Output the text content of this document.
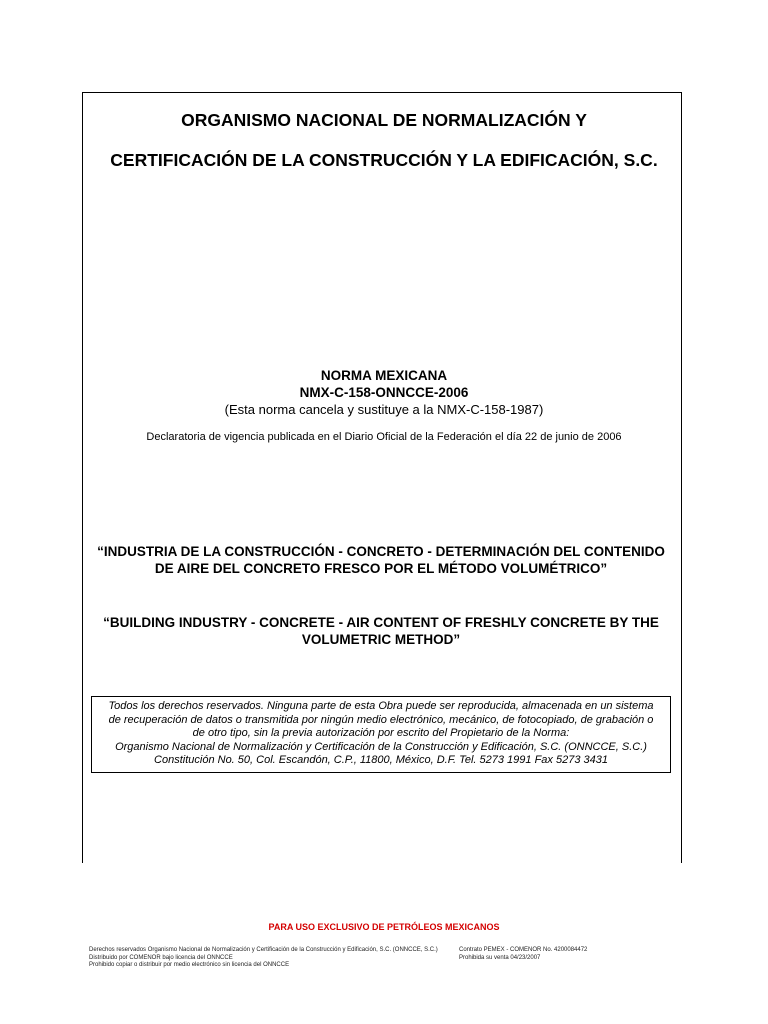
ORGANISMO NACIONAL DE NORMALIZACIÓN Y
CERTIFICACIÓN DE LA CONSTRUCCIÓN Y LA EDIFICACIÓN, S.C.
NORMA MEXICANA
NMX-C-158-ONNCCE-2006
(Esta norma cancela y sustituye a la NMX-C-158-1987)
Declaratoria de vigencia publicada en el Diario Oficial de la Federación el día 22 de junio de 2006
“INDUSTRIA DE LA CONSTRUCCIÓN - CONCRETO - DETERMINACIÓN DEL CONTENIDO
DE AIRE DEL CONCRETO FRESCO POR EL MÉTODO VOLUMÉTRICO”
“BUILDING INDUSTRY - CONCRETE - AIR CONTENT OF FRESHLY CONCRETE BY THE
VOLUMETRIC METHOD”
Todos los derechos reservados. Ninguna parte de esta Obra puede ser reproducida, almacenada en un sistema
de recuperación de datos o transmitida por ningún medio electrónico, mecánico, de fotocopiado, de grabación o
de otro tipo, sin la previa autorización por escrito del Propietario de la Norma:
Organismo Nacional de Normalización y Certificación de la Construcción y Edificación, S.C. (ONNCCE, S.C.)
Constitución No. 50, Col. Escandón, C.P., 11800, México, D.F. Tel. 5273 1991 Fax 5273 3431
PARA USO EXCLUSIVO DE PETRÓLEOS MEXICANOS
Derechos reservados Organismo Nacional de Normalización y Certificación de la Construcción y Edificación, S.C. (ONNCCE, S.C.)
Distribuido por COMENOR bajo licencia del ONNCCE
Prohibido copiar o distribuir por medio electrónico sin licencia del ONNCCE
Contrato PEMEX - COMENOR No. 4200084472
Prohibida su venta 04/23/2007
